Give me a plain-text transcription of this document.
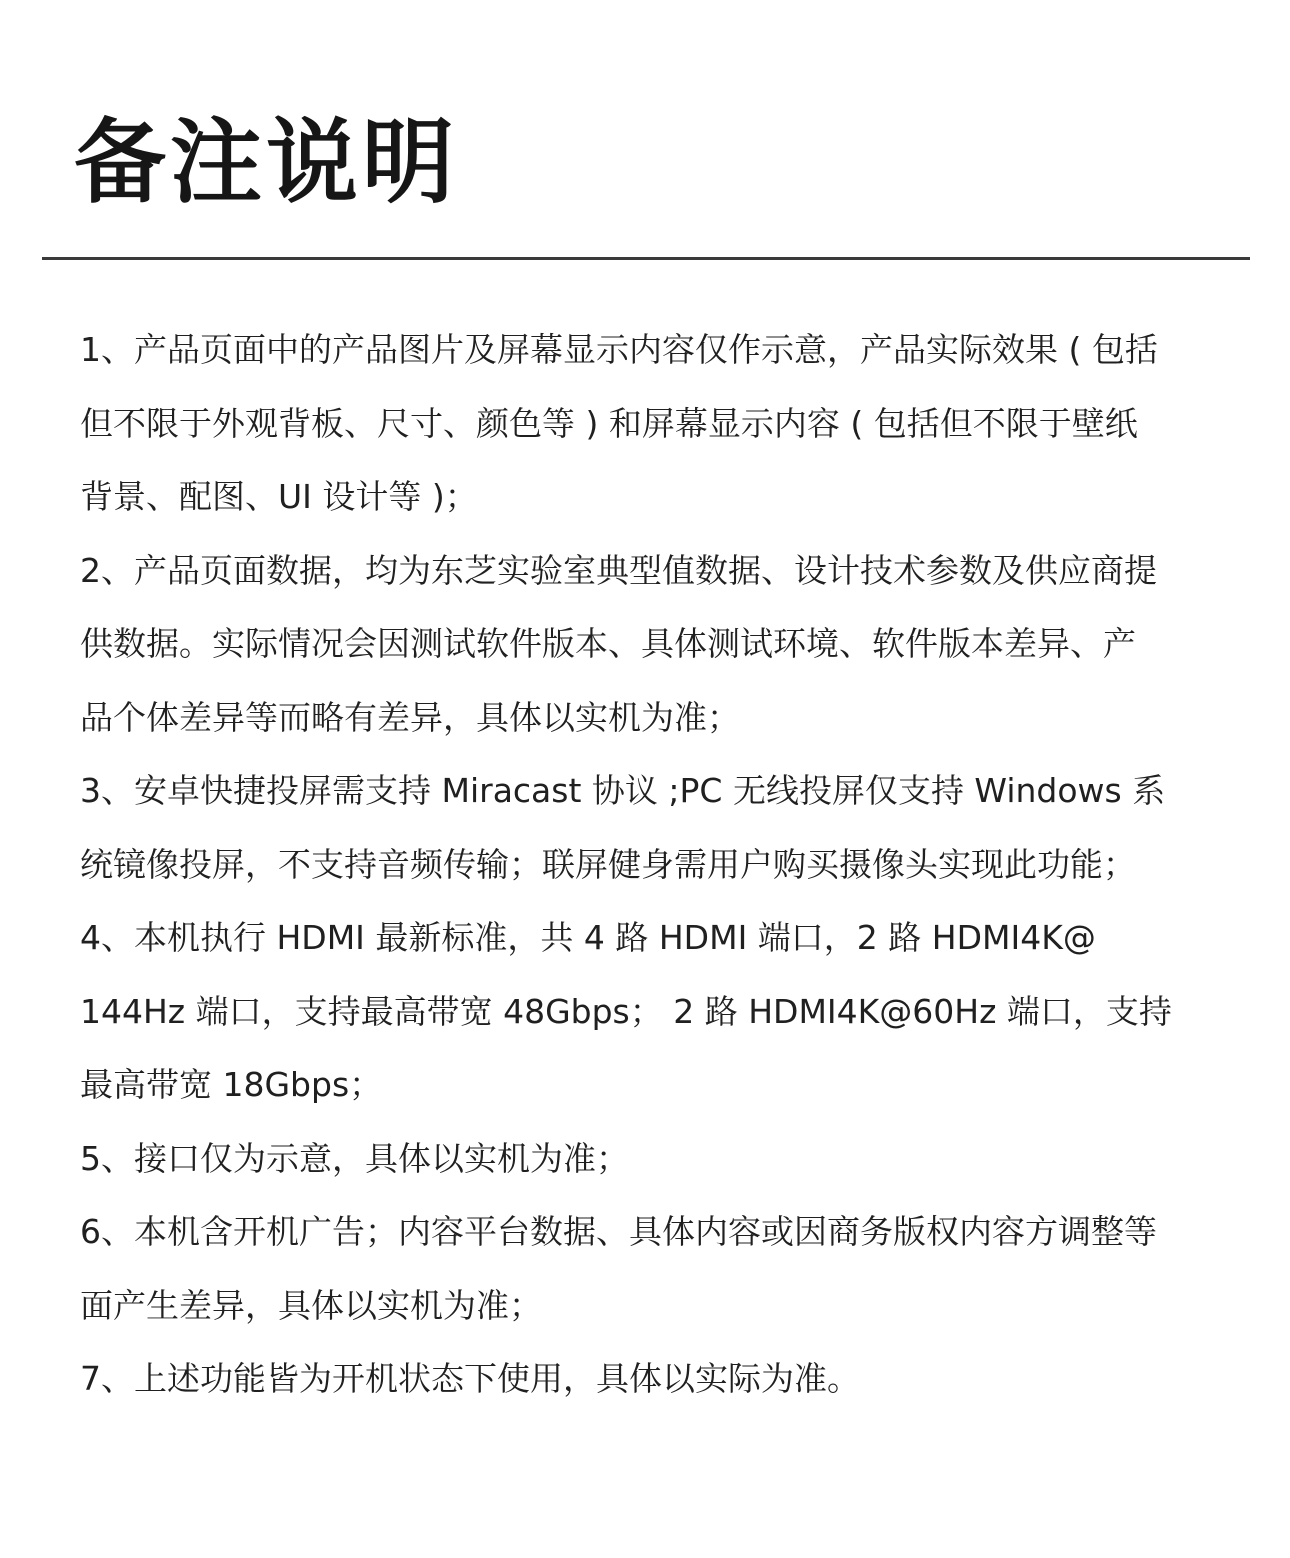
备注说明
1、产品页面中的产品图片及屏幕显示内容仅作示意，产品实际效果 ( 包括
但不限于外观背板、尺寸、颜色等 ) 和屏幕显示内容 ( 包括但不限于壁纸
背景、配图、UI 设计等 )；
2、产品页面数据，均为东芝实验室典型值数据、设计技术参数及供应商提
供数据。实际情况会因测试软件版本、具体测试环境、软件版本差异、产
品个体差异等而略有差异，具体以实机为准；
3、安卓快捷投屏需支持 Miracast 协议 ;PC 无线投屏仅支持 Windows 系
统镜像投屏，不支持音频传输；联屏健身需用户购买摄像头实现此功能；
4、本机执行 HDMI 最新标准，共 4 路 HDMI 端口，2 路 HDMI4K@
144Hz 端口，支持最高带宽 48Gbps； 2 路 HDMI4K@60Hz 端口，支持
最高带宽 18Gbps；
5、接口仅为示意，具体以实机为准；
6、本机含开机广告；内容平台数据、具体内容或因商务版权内容方调整等
面产生差异，具体以实机为准；
7、上述功能皆为开机状态下使用，具体以实际为准。
